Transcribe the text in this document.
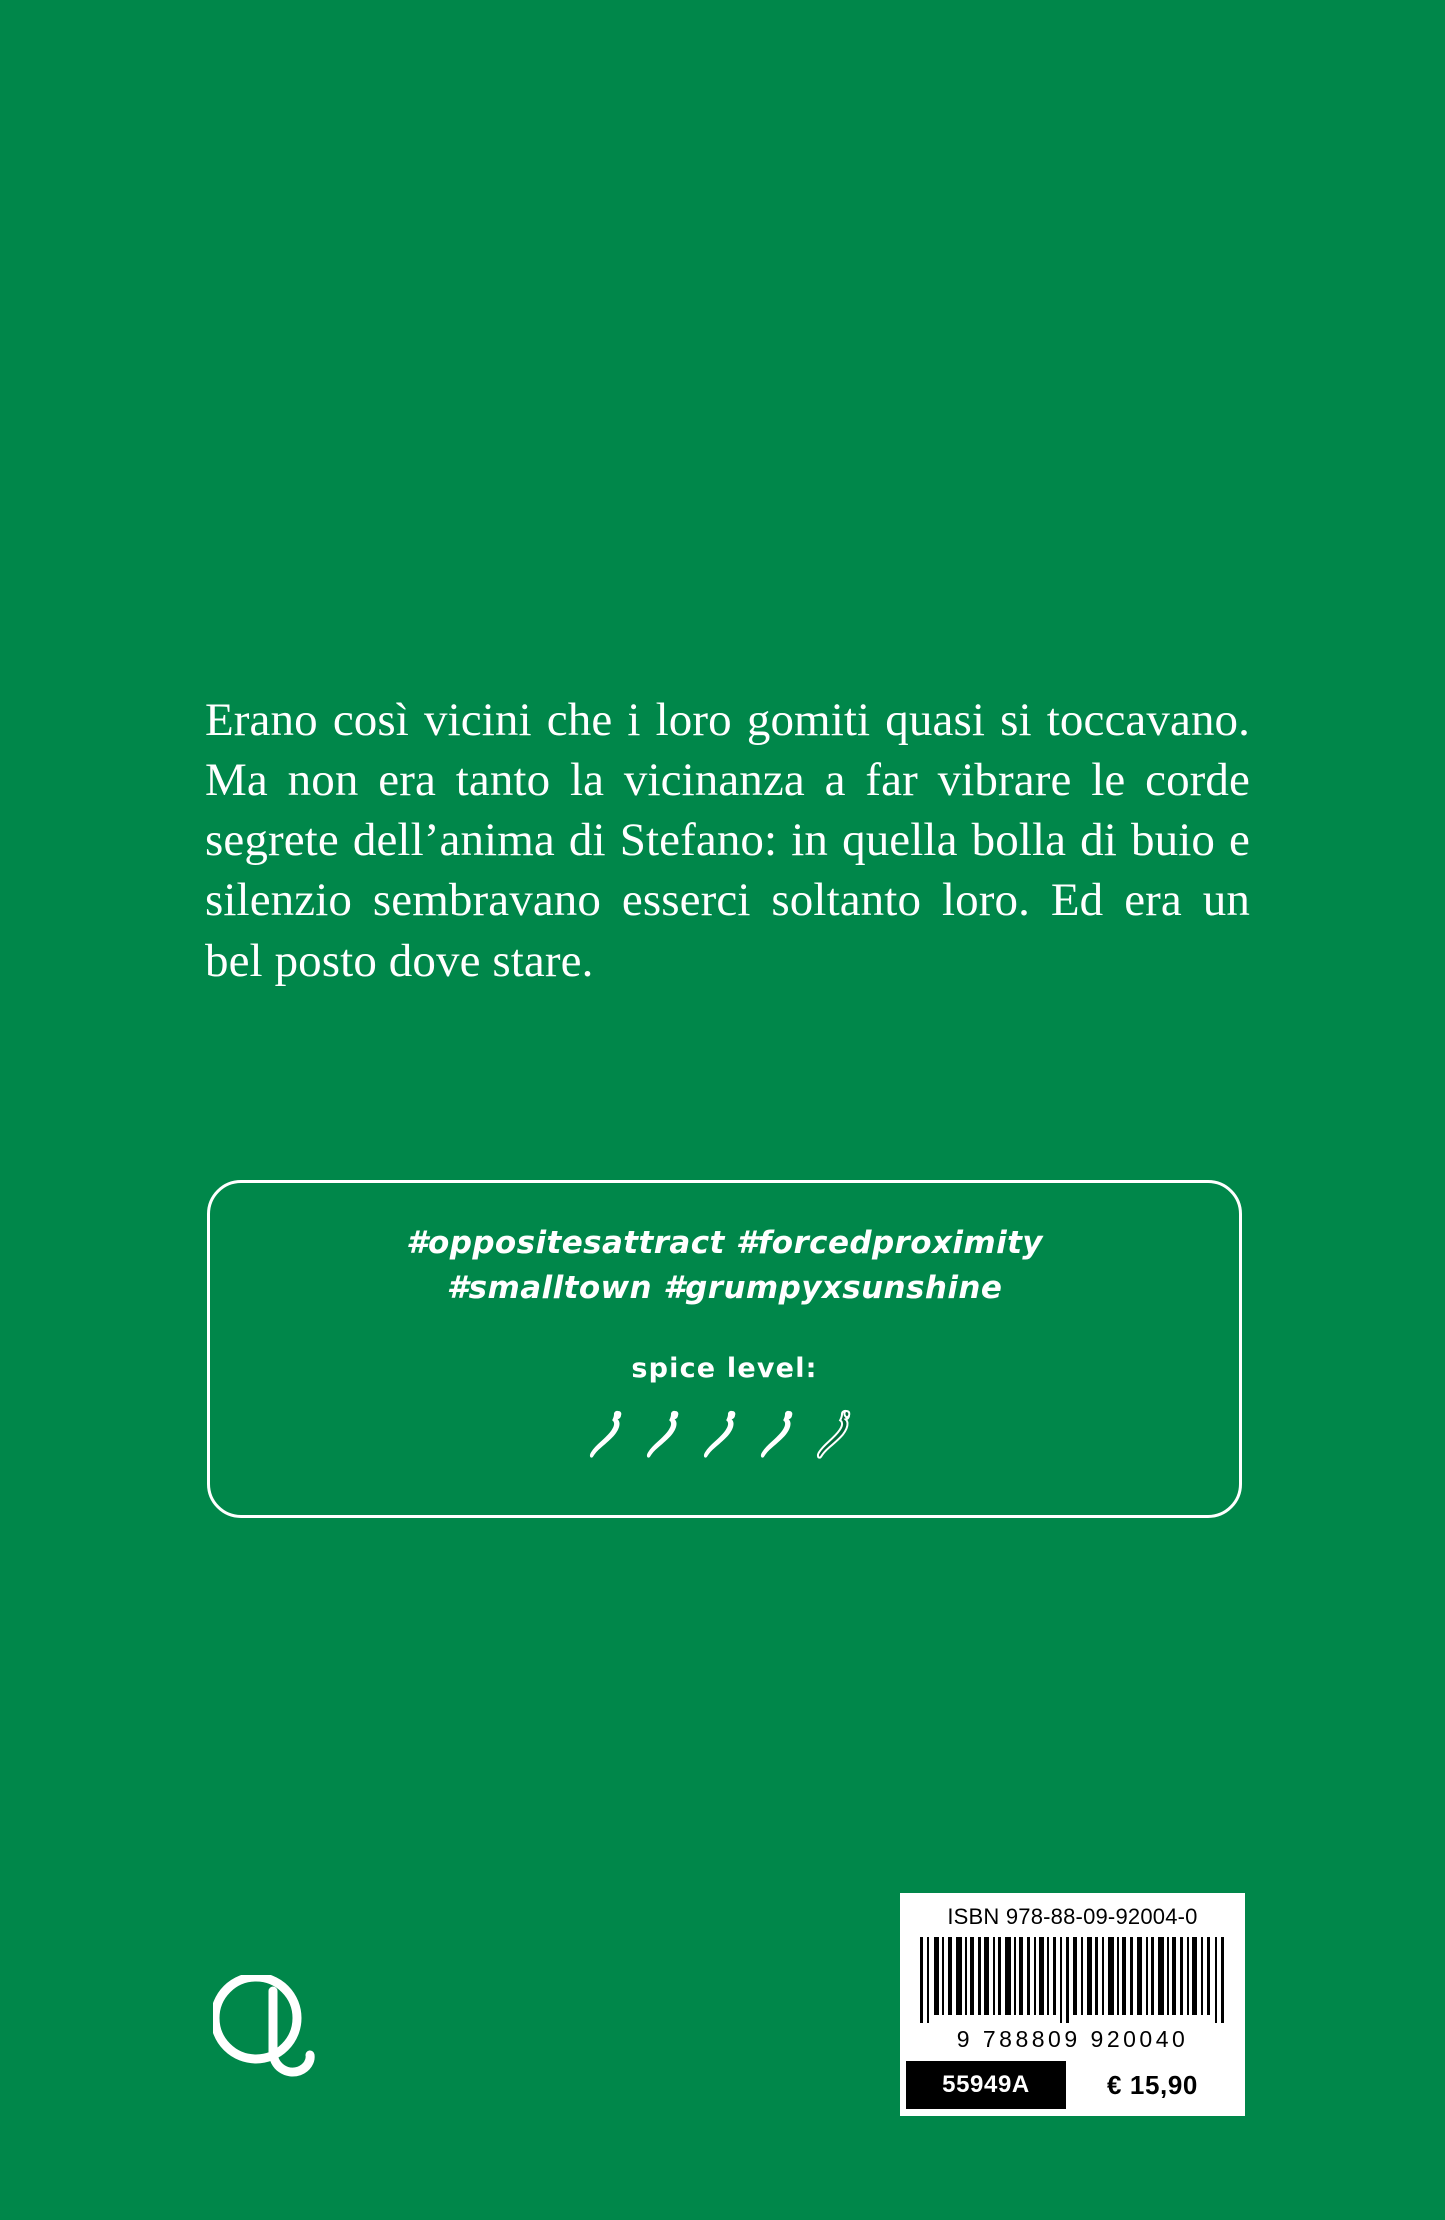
Erano così vicini che i loro gomiti quasi si toccavano. Ma non era tanto la vicinanza a far vibrare le corde segrete dell’anima di Stefano: in quella bolla di buio e silenzio sembravano esserci soltanto loro. Ed era un bel posto dove stare.

#oppositesattract #forcedproximity
#smalltown #grumpyxsunshine
spice level:
ISBN 978-88-09-92004-0
9 788809 920040
55949A	€ 15,90
